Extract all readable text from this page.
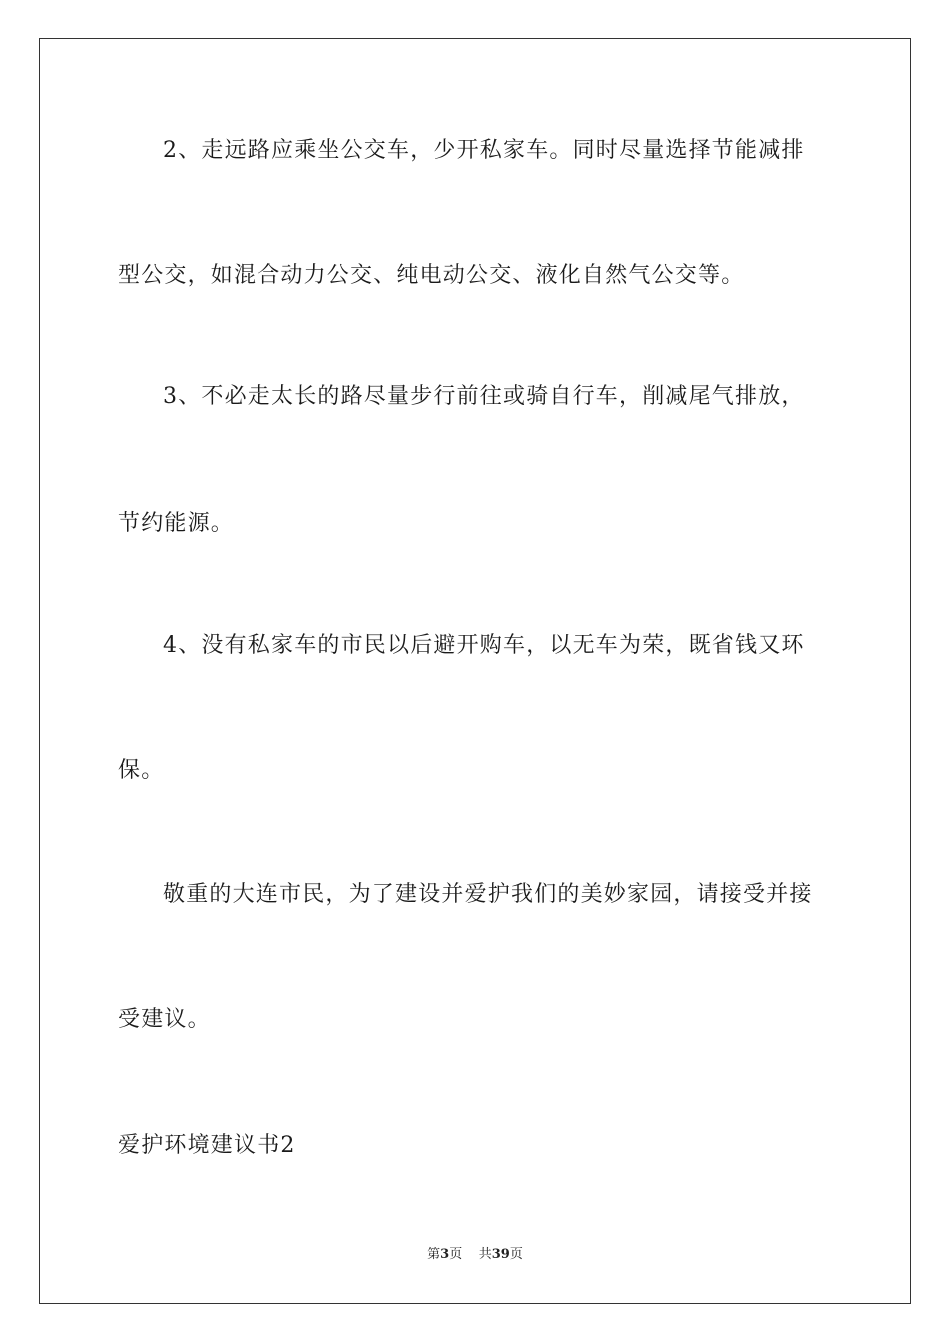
2、走远路应乘坐公交车，少开私家车。同时尽量选择节能减排
型公交，如混合动力公交、纯电动公交、液化自然气公交等。
3、不必走太长的路尽量步行前往或骑自行车，削减尾气排放，
节约能源。
4、没有私家车的市民以后避开购车，以无车为荣，既省钱又环
保。
敬重的大连市民，为了建设并爱护我们的美妙家园，请接受并接
受建议。
爱护环境建议书2
第3页 共39页
